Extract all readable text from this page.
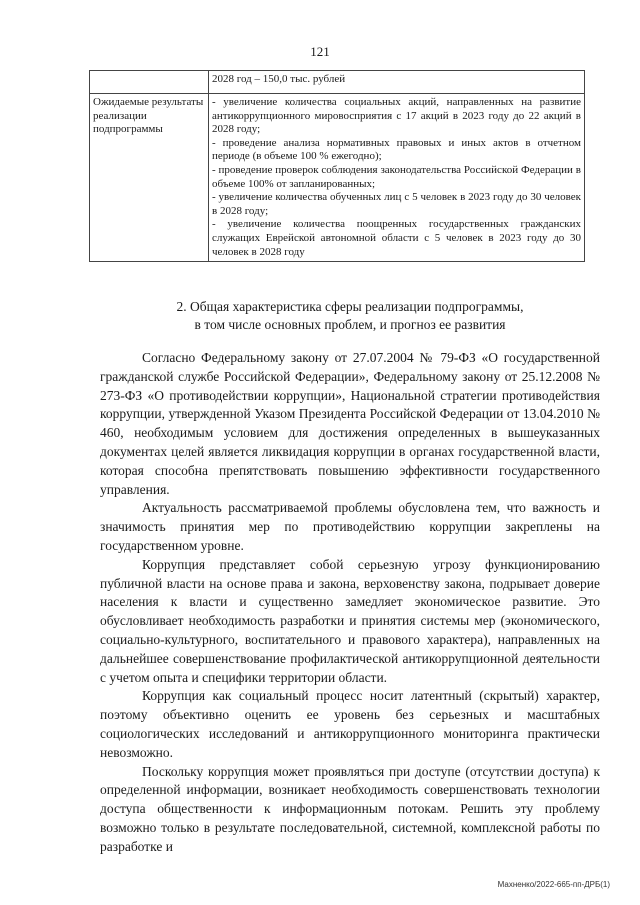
121
	2028 год – 150,0 тыс. рублей
Ожидаемые результаты реализации подпрограммы	- увеличение количества социальных акций, направленных на развитие антикоррупционного мировосприятия с 17 акций в 2023 году до 22 акций в 2028 году;
- проведение анализа нормативных правовых и иных актов в отчетном периоде (в объеме 100 % ежегодно);
- проведение проверок соблюдения законодательства Российской Федерации в объеме 100% от запланированных;
- увеличение количества обученных лиц с 5 человек в 2023 году до 30 человек в 2028 году;
- увеличение количества поощренных государственных гражданских служащих Еврейской автономной области с 5 человек в 2023 году до 30 человек в 2028 году
2. Общая характеристика сферы реализации подпрограммы,
в том числе основных проблем, и прогноз ее развития

Согласно Федеральному закону от 27.07.2004 № 79-ФЗ «О государственной гражданской службе Российской Федерации», Федеральному закону от 25.12.2008 № 273-ФЗ «О противодействии коррупции», Национальной стратегии противодействия коррупции, утвержденной Указом Президента Российской Федерации от 13.04.2010 № 460, необходимым условием для достижения определенных в вышеуказанных документах целей является ликвидация коррупции в органах государственной власти, которая способна препятствовать повышению эффективности государственного управления.

Актуальность рассматриваемой проблемы обусловлена тем, что важность и значимость принятия мер по противодействию коррупции закреплены на государственном уровне.

Коррупция представляет собой серьезную угрозу функционированию публичной власти на основе права и закона, верховенству закона, подрывает доверие населения к власти и существенно замедляет экономическое развитие. Это обусловливает необходимость разработки и принятия системы мер (экономического, социально-культурного, воспитательного и правового характера), направленных на дальнейшее совершенствование профилактической антикоррупционной деятельности с учетом опыта и специфики территории области.

Коррупция как социальный процесс носит латентный (скрытый) характер, поэтому объективно оценить ее уровень без серьезных и масштабных социологических исследований и антикоррупционного мониторинга практически невозможно.

Поскольку коррупция может проявляться при доступе (отсутствии доступа) к определенной информации, возникает необходимость совершенствовать технологии доступа общественности к информационным потокам. Решить эту проблему возможно только в результате последовательной, системной, комплексной работы по разработке и

Махненко/2022-665-пп-ДРБ(1)
